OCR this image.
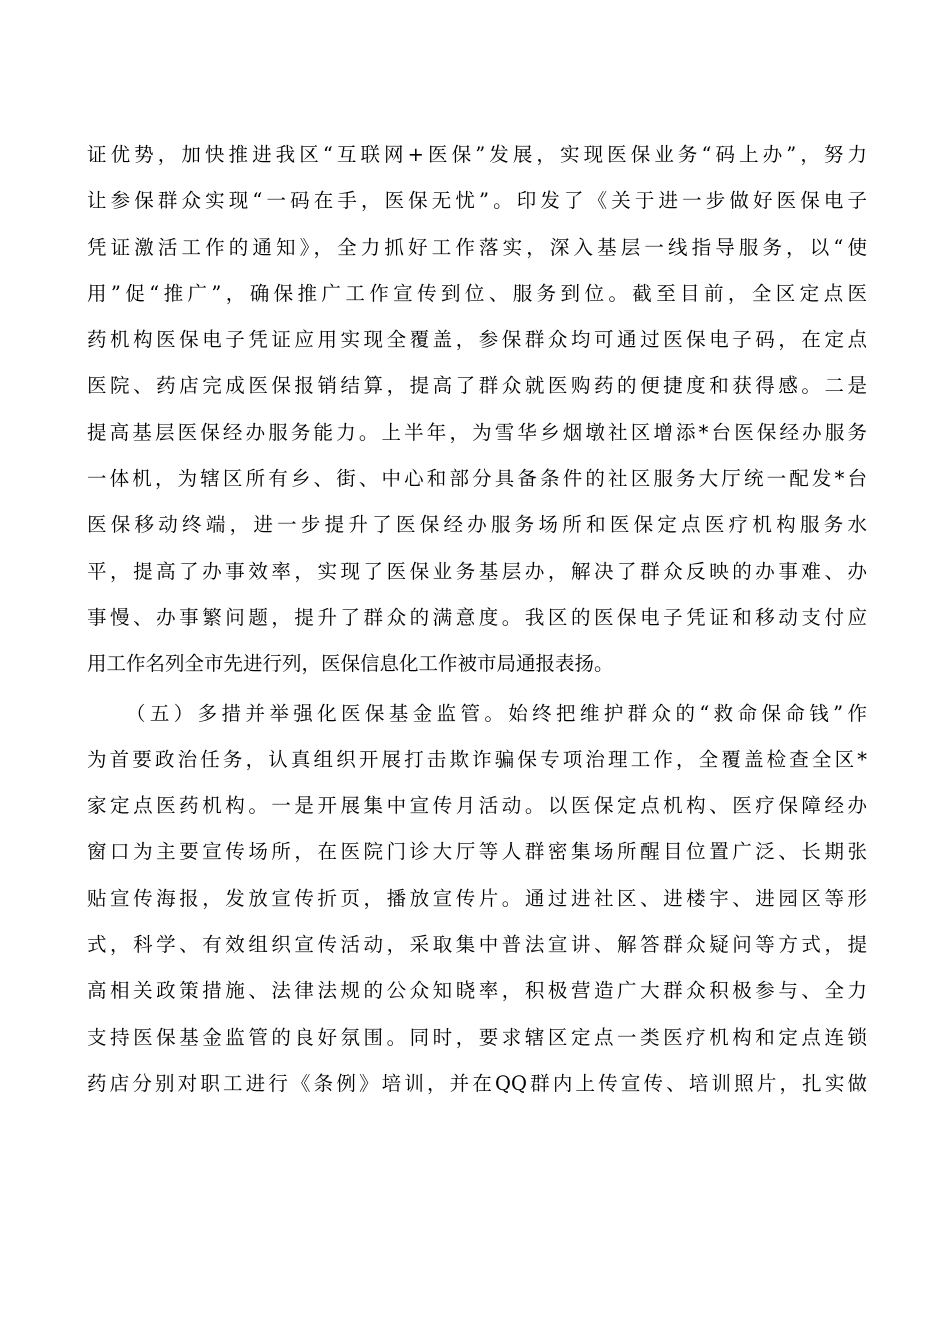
证优势，加快推进我区“互联网+医保”发展，实现医保业务“码上办”，努力
让参保群众实现“一码在手，医保无忧”。印发了《关于进一步做好医保电子
凭证激活工作的通知》，全力抓好工作落实，深入基层一线指导服务，以“使
用”促“推广”，确保推广工作宣传到位、服务到位。截至目前，全区定点医
药机构医保电子凭证应用实现全覆盖，参保群众均可通过医保电子码，在定点
医院、药店完成医保报销结算，提高了群众就医购药的便捷度和获得感。二是
提高基层医保经办服务能力。上半年，为雪华乡烟墩社区增添*台医保经办服务
一体机，为辖区所有乡、街、中心和部分具备条件的社区服务大厅统一配发*台
医保移动终端，进一步提升了医保经办服务场所和医保定点医疗机构服务水
平，提高了办事效率，实现了医保业务基层办，解决了群众反映的办事难、办
事慢、办事繁问题，提升了群众的满意度。我区的医保电子凭证和移动支付应
用工作名列全市先进行列，医保信息化工作被市局通报表扬。
（五）多措并举强化医保基金监管。始终把维护群众的“救命保命钱”作
为首要政治任务，认真组织开展打击欺诈骗保专项治理工作，全覆盖检查全区*
家定点医药机构。一是开展集中宣传月活动。以医保定点机构、医疗保障经办
窗口为主要宣传场所，在医院门诊大厅等人群密集场所醒目位置广泛、长期张
贴宣传海报，发放宣传折页，播放宣传片。通过进社区、进楼宇、进园区等形
式，科学、有效组织宣传活动，采取集中普法宣讲、解答群众疑问等方式，提
高相关政策措施、法律法规的公众知晓率，积极营造广大群众积极参与、全力
支持医保基金监管的良好氛围。同时，要求辖区定点一类医疗机构和定点连锁
药店分别对职工进行《条例》培训，并在QQ群内上传宣传、培训照片，扎实做
